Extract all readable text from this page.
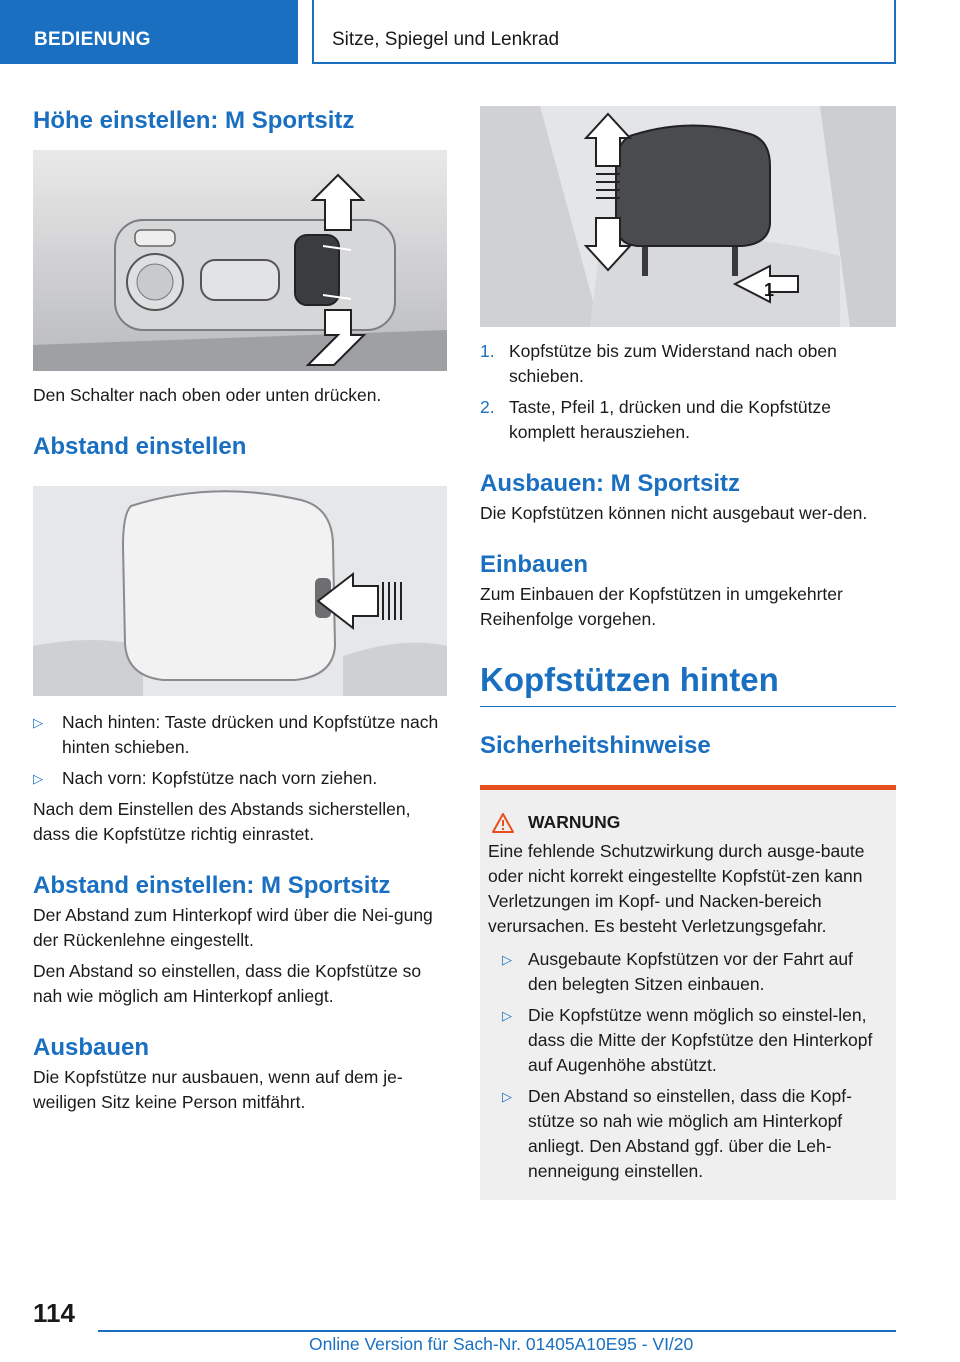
BEDIENUNG	Sitze, Spiegel und Lenkrad
Höhe einstellen: M Sportsitz

Den Schalter nach oben oder unten drücken.

Abstand einstellen
▷ Nach hinten: Taste drücken und Kopfstütze nach hinten schieben.
▷ Nach vorn: Kopfstütze nach vorn ziehen.

Nach dem Einstellen des Abstands sicherstellen, dass die Kopfstütze richtig einrastet.

Abstand einstellen: M Sportsitz

Der Abstand zum Hinterkopf wird über die Nei-gung der Rückenlehne eingestellt.

Den Abstand so einstellen, dass die Kopfstütze so nah wie möglich am Hinterkopf anliegt.

Ausbauen

Die Kopfstütze nur ausbauen, wenn auf dem je-weiligen Sitz keine Person mitfährt.

1
1. Kopfstütze bis zum Widerstand nach oben schieben.
2. Taste, Pfeil 1, drücken und die Kopfstütze komplett herausziehen.
Ausbauen: M Sportsitz

Die Kopfstützen können nicht ausgebaut wer-den.

Einbauen

Zum Einbauen der Kopfstützen in umgekehrter Reihenfolge vorgehen.

Kopfstützen hinten
Sicherheitshinweise
WARNUNG

Eine fehlende Schutzwirkung durch ausge-baute oder nicht korrekt eingestellte Kopfstüt-zen kann Verletzungen im Kopf- und Nacken-bereich verursachen. Es besteht Verletzungsgefahr.

▷ Ausgebaute Kopfstützen vor der Fahrt auf den belegten Sitzen einbauen.
▷ Die Kopfstütze wenn möglich so einstel-len, dass die Mitte der Kopfstütze den Hinterkopf auf Augenhöhe abstützt.
▷ Den Abstand so einstellen, dass die Kopf-stütze so nah wie möglich am Hinterkopf anliegt. Den Abstand ggf. über die Leh-nenneigung einstellen.
114
Online Version für Sach-Nr. 01405A10E95 - VI/20
